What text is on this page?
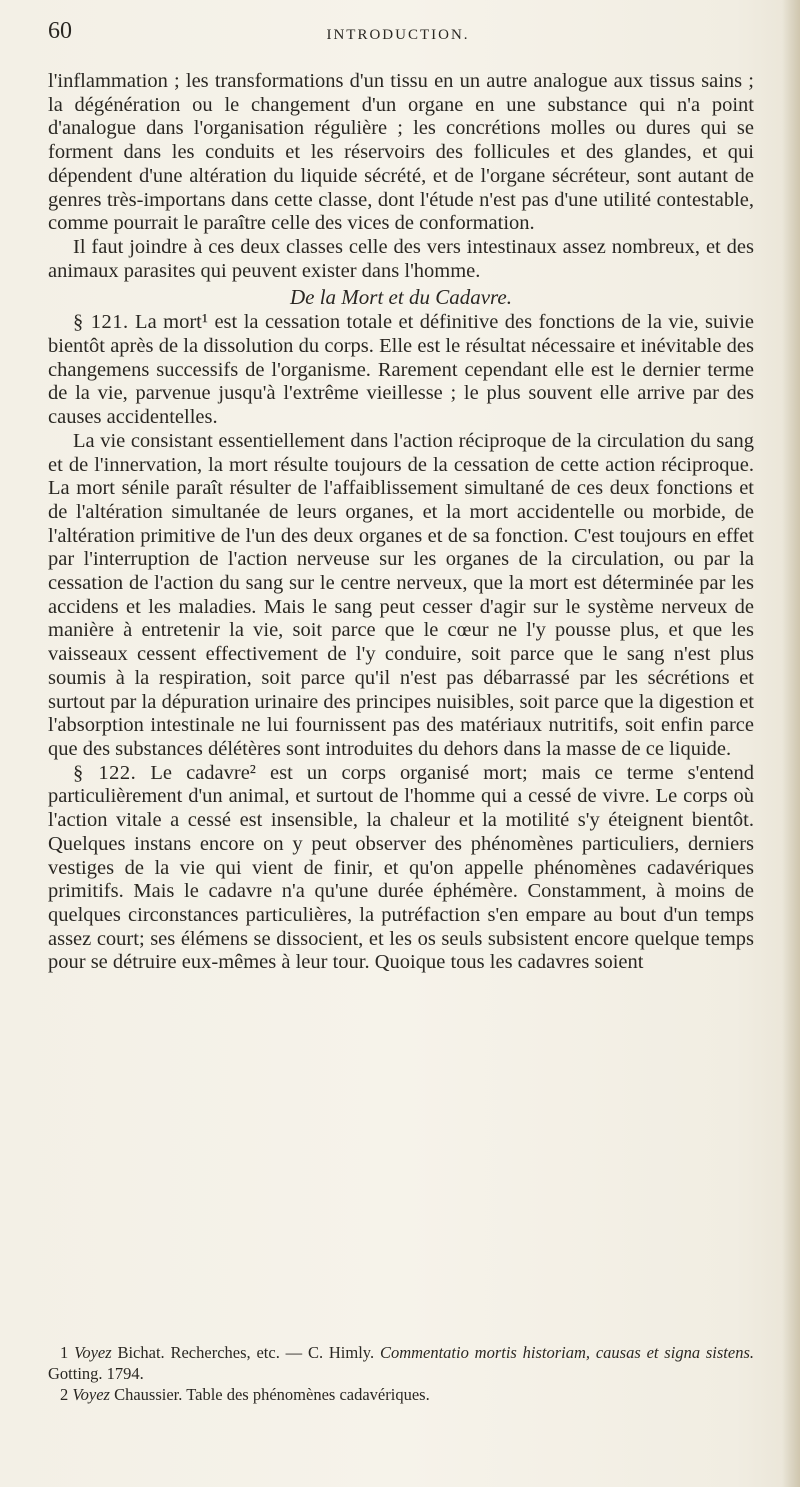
60	INTRODUCTION.

l'inflammation ; les transformations d'un tissu en un autre analogue aux tissus sains ; la dégénération ou le changement d'un organe en une substance qui n'a point d'analogue dans l'organisation régulière ; les concrétions molles ou dures qui se forment dans les conduits et les réservoirs des follicules et des glandes, et qui dépendent d'une altération du liquide sécrété, et de l'organe sécréteur, sont autant de genres très-importans dans cette classe, dont l'étude n'est pas d'une utilité contestable, comme pourrait le paraître celle des vices de conformation.

Il faut joindre à ces deux classes celle des vers intestinaux assez nombreux, et des animaux parasites qui peuvent exister dans l'homme.

De la Mort et du Cadavre.

§ 121. La mort¹ est la cessation totale et définitive des fonctions de la vie, suivie bientôt après de la dissolution du corps. Elle est le résultat nécessaire et inévitable des changemens successifs de l'organisme. Rarement cependant elle est le dernier terme de la vie, parvenue jusqu'à l'extrême vieillesse ; le plus souvent elle arrive par des causes accidentelles.

La vie consistant essentiellement dans l'action réciproque de la circulation du sang et de l'innervation, la mort résulte toujours de la cessation de cette action réciproque. La mort sénile paraît résulter de l'affaiblissement simultané de ces deux fonctions et de l'altération simultanée de leurs organes, et la mort accidentelle ou morbide, de l'altération primitive de l'un des deux organes et de sa fonction. C'est toujours en effet par l'interruption de l'action nerveuse sur les organes de la circulation, ou par la cessation de l'action du sang sur le centre nerveux, que la mort est déterminée par les accidens et les maladies. Mais le sang peut cesser d'agir sur le système nerveux de manière à entretenir la vie, soit parce que le cœur ne l'y pousse plus, et que les vaisseaux cessent effectivement de l'y conduire, soit parce que le sang n'est plus soumis à la respiration, soit parce qu'il n'est pas débarrassé par les sécrétions et surtout par la dépuration urinaire des principes nuisibles, soit parce que la digestion et l'absorption intestinale ne lui fournissent pas des matériaux nutritifs, soit enfin parce que des substances délétères sont introduites du dehors dans la masse de ce liquide.

§ 122. Le cadavre² est un corps organisé mort; mais ce terme s'entend particulièrement d'un animal, et surtout de l'homme qui a cessé de vivre. Le corps où l'action vitale a cessé est insensible, la chaleur et la motilité s'y éteignent bientôt. Quelques instans encore on y peut observer des phénomènes particuliers, derniers vestiges de la vie qui vient de finir, et qu'on appelle phénomènes cadavériques primitifs. Mais le cadavre n'a qu'une durée éphémère. Constamment, à moins de quelques circonstances particulières, la putréfaction s'en empare au bout d'un temps assez court; ses élémens se dissocient, et les os seuls subsistent encore quelque temps pour se détruire eux-mêmes à leur tour. Quoique tous les cadavres soient

1 Voyez Bichat. Recherches, etc. — C. Himly. Commentatio mortis historiam, causas et signa sistens. Gotting. 1794.

2 Voyez Chaussier. Table des phénomènes cadavériques.
